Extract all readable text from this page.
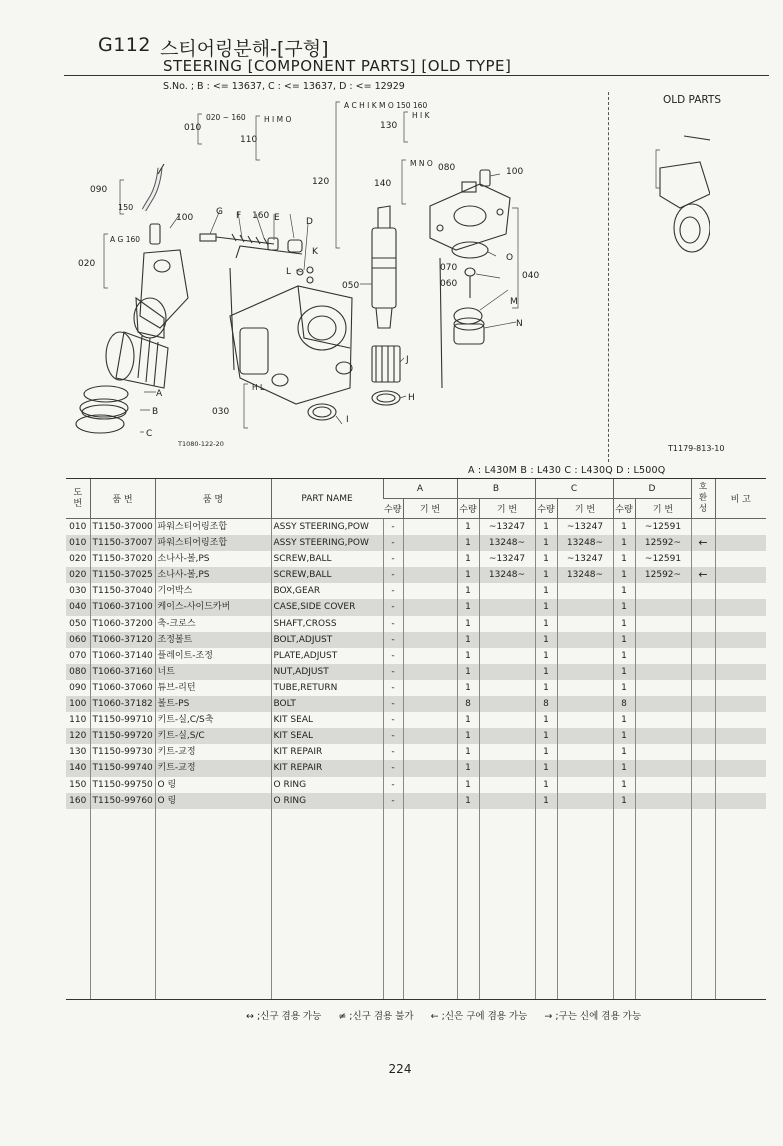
G112 스티어링분해-[구형]
STEERING [COMPONENT PARTS] [OLD TYPE]
S.No. ; B : <= 13637, C : <= 13637, D : <= 12929
010
020 ~ 160
110
H I M O
120
A C H I K M O 150 160
130
H I K
140
M N O 080	100
090
150
100
G F 160 E	D
020
A G 160
K
L
050
070
060
O
040
M
N
J
H
A
B
C
030
H L
I
OLD PARTS
T1080-122-20	T1179-813-10
A : L430M B : L430 C : L430Q D : L500Q
도
번	품 번	품 명	PART NAME	A		B		C		D		호
환
성	비 고
				수량	기 번	수량	기 번	수량	기 번	수량	기 번		
010	T1150-37000	파워스티어링조합	ASSY STEERING,POW	-		1	~13247	1	~13247	1	~12591		
010	T1150-37007	파워스티어링조합	ASSY STEERING,POW	-		1	13248~	1	13248~	1	12592~	←	
020	T1150-37020	소나사-볼,PS	SCREW,BALL	-		1	~13247	1	~13247	1	~12591		
020	T1150-37025	소나사-볼,PS	SCREW,BALL	-		1	13248~	1	13248~	1	12592~	←	
030	T1150-37040	기어박스	BOX,GEAR	-		1		1		1			
040	T1060-37100	케이스-사이드카버	CASE,SIDE COVER	-		1		1		1			
050	T1060-37200	축-크로스	SHAFT,CROSS	-		1		1		1			
060	T1060-37120	조정볼트	BOLT,ADJUST	-		1		1		1			
070	T1060-37140	플레이트-조정	PLATE,ADJUST	-		1		1		1			
080	T1060-37160	너트	NUT,ADJUST	-		1		1		1			
090	T1060-37060	튜브-리턴	TUBE,RETURN	-		1		1		1			
100	T1060-37182	볼트-PS	BOLT	-		8		8		8			
110	T1150-99710	키트-실,C/S축	KIT SEAL	-		1		1		1			
120	T1150-99720	키트-실,S/C	KIT SEAL	-		1		1		1			
130	T1150-99730	키트-교정	KIT REPAIR	-		1		1		1			
140	T1150-99740	키트-교정	KIT REPAIR	-		1		1		1			
150	T1150-99750	O 링	O RING	-		1		1		1			
160	T1150-99760	O 링	O RING	-		1		1		1			

↔ ;신구 겸용 가능 ≠ ;신구 겸용 불가 ← ;신은 구에 겸용 가능 → ;구는 신에 겸용 가능
224
